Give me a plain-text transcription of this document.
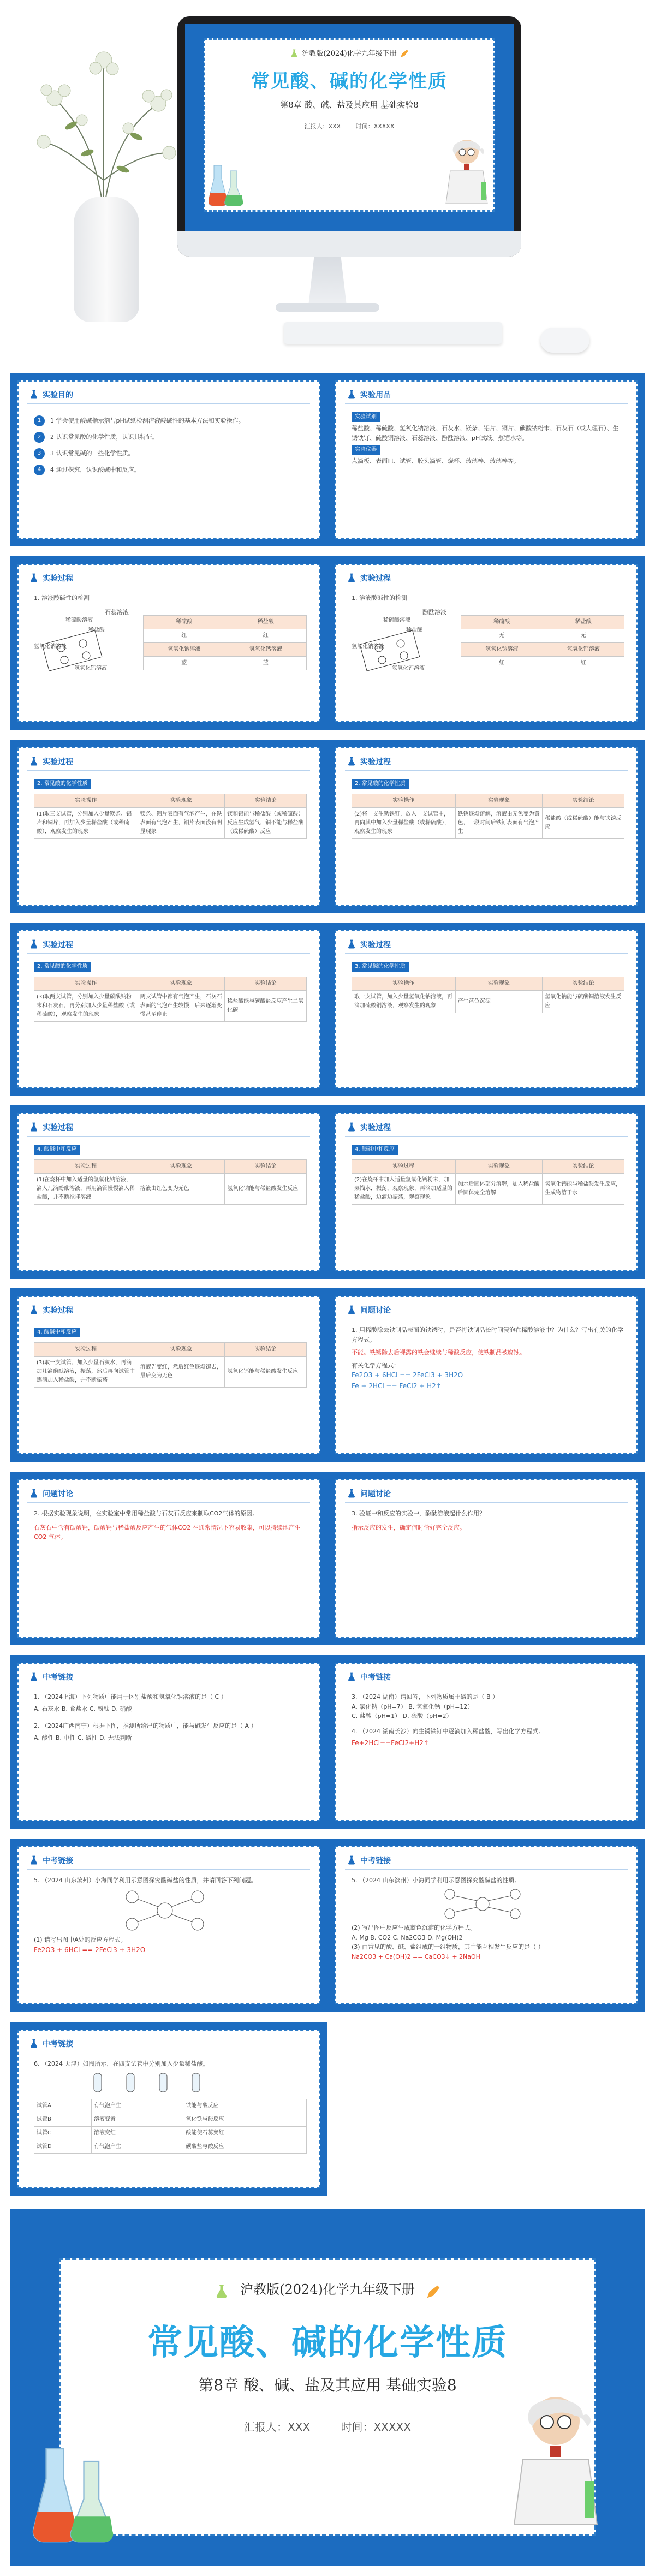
沪教版(2024)化学九年级下册
常见酸、碱的化学性质
第8章 酸、碱、盐及其应用 基础实验8
汇报人：XXX	时间：XXXXX
实验目的
1	1 学会使用酸碱指示剂与pH试纸检测溶液酸碱性的基本方法和实验操作。
2	2 认识常见酸的化学性质，认识其特征。
3	3 认识常见碱的一些化学性质。
4	4 通过探究，认识酸碱中和反应。
实验用品
实验试剂
稀盐酸、稀硫酸、氢氧化钠溶液、石灰水、镁条、铝片、铜片、碳酸钠粉末、石灰石（或大理石）、生锈铁钉、硫酸铜溶液、石蕊溶液、酚酞溶液、pH试纸、蒸馏水等。
实验仪器
点滴板、表面皿、试管、胶头滴管、烧杯、玻璃棒、玻璃棒等。
实验过程
1. 溶液酸碱性的检测
石蕊溶液
稀硫酸溶液
稀盐酸
氢氧化钠溶液
氢氧化钙溶液
稀硫酸	稀盐酸
红	红
氢氧化钠溶液	氢氧化钙溶液
蓝	蓝
实验过程
1. 溶液酸碱性的检测
酚酞溶液
稀硫酸溶液
稀盐酸
氢氧化钠溶液
氢氧化钙溶液
稀硫酸	稀盐酸
无	无
氢氧化钠溶液	氢氧化钙溶液
红	红
实验过程
2. 常见酸的化学性质
实验操作	实验现象	实验结论
(1)取三支试管，分别加入少量镁条、铝片和铜片，再加入少量稀盐酸（或稀硫酸），观察发生的现象	镁条、铝片表面有气泡产生，在铁表面有气泡产生，铜片表面没有明显现象	镁和铝能与稀盐酸（或稀硫酸）反应生成氢气，铜不能与稀盐酸（或稀硫酸）反应
实验过程
2. 常见酸的化学性质
实验操作	实验现象	实验结论
(2)将一支生锈铁钉，放入一支试管中，再向其中加入少量稀盐酸（或稀硫酸），观察发生的现象	铁锈逐渐溶解，溶液由无色变为黄色，一段时间后铁钉表面有气泡产生	稀盐酸（或稀硫酸）能与铁锈反应
实验过程
2. 常见酸的化学性质
实验操作	实验现象	实验结论
(3)取两支试管，分别加入少量碳酸钠粉末和石灰石，再分别加入少量稀盐酸（或稀硫酸），观察发生的现象	两支试管中都有气泡产生，石灰石表面的气泡产生较慢，后来逐渐变慢甚至停止	稀盐酸能与碳酸盐反应产生二氧化碳
实验过程
3. 常见碱的化学性质
实验操作	实验现象	实验结论
取一支试管，加入少量氢氧化钠溶液，再滴加硫酸铜溶液，观察发生的现象	产生蓝色沉淀	氢氧化钠能与硫酸铜溶液发生反应
实验过程
4. 酸碱中和反应
实验过程	实验现象	实验结论
(1)在烧杯中加入适量的氢氧化钠溶液，滴入几滴酚酞溶液，再用滴管慢慢滴入稀盐酸，并不断搅拌溶液	溶液由红色变为无色	氢氧化钠能与稀盐酸发生反应
实验过程
4. 酸碱中和反应
实验过程	实验现象	实验结论
(2)在烧杯中加入适量氢氧化钙粉末，加蒸馏水，振荡，观察现象，再滴加适量的稀盐酸，边滴边振荡，观察现象	加水后固体部分溶解，加入稀盐酸后固体完全溶解	氢氧化钙能与稀盐酸发生反应，生成物溶于水
实验过程
4. 酸碱中和反应
实验过程	实验现象	实验结论
(3)取一支试管，加入少量石灰水，再滴加几滴酚酞溶液，振荡，然后再向试管中逐滴加入稀盐酸，并不断振荡	溶液先变红，然后红色逐渐褪去，最后变为无色	氢氧化钙能与稀盐酸发生反应
问题讨论
1. 用稀酸除去铁制品表面的铁锈时，是否将铁制品长时间浸泡在稀酸溶液中？为什么？写出有关的化学方程式。
不能。铁锈除去后裸露的铁会继续与稀酸反应，使铁制品被腐蚀。
有关化学方程式：
Fe2O3 + 6HCl == 2FeCl3 + 3H2O
Fe + 2HCl == FeCl2 + H2↑
问题讨论
2. 根据实验现象说明，在实验室中常用稀盐酸与石灰石反应来制取CO2气体的原因。
石灰石中含有碳酸钙，碳酸钙与稀盐酸反应产生的气体CO2 在通常情况下容易收集，可以持续地产生CO2 气体。
问题讨论
3. 验证中和反应的实验中，酚酞溶液起什么作用？
指示反应的发生，确定何时恰好完全反应。
中考链接
1. （2024上海）下列物质中能用于区别盐酸和氢氧化钠溶液的是（ C ）
A. 石灰水 B. 食盐水 C. 酚酞 D. 硝酸
2. （2024广西南宁）根据下图，推测所给出的物质中，能与碱发生反应的是（ A ）
A. 酸性 B. 中性 C. 碱性 D. 无法判断
中考链接
3. （2024 湖南）请回答，下列物质属于碱的是（ B ）
A. 氯化钠（pH=7） B. 氢氧化钙（pH=12）
C. 盐酸（pH=1） D. 硫酸（pH=2）
4. （2024 湖南长沙）向生锈铁钉中逐滴加入稀盐酸，写出化学方程式。
Fe+2HCl==FeCl2+H2↑
中考链接
5. （2024 山东滨州）小海同学利用示意图探究酸碱盐的性质，并请回答下列问题。
(1) 请写出图中A处的反应方程式。
Fe2O3 + 6HCl == 2FeCl3 + 3H2O
中考链接
5. （2024 山东滨州）小海同学利用示意图探究酸碱盐的性质。
(2) 写出图中反应生成蓝色沉淀的化学方程式。
A. Mg B. CO2 C. Na2CO3 D. Mg(OH)2
(3) 由常见的酸、碱、盐组成的一组物质，其中能互相发生反应的是（ ）
Na2CO3 + Ca(OH)2 == CaCO3↓ + 2NaOH
中考链接
6. （2024 天津）如图所示，在四支试管中分别加入少量稀盐酸。
试管A	有气泡产生	铁能与酸反应
试管B	溶液变黄	氧化铁与酸反应
试管C	溶液变红	酸能使石蕊变红
试管D	有气泡产生	碳酸盐与酸反应
沪教版(2024)化学九年级下册
常见酸、碱的化学性质
第8章 酸、碱、盐及其应用 基础实验8
汇报人：XXX	时间：XXXXX
